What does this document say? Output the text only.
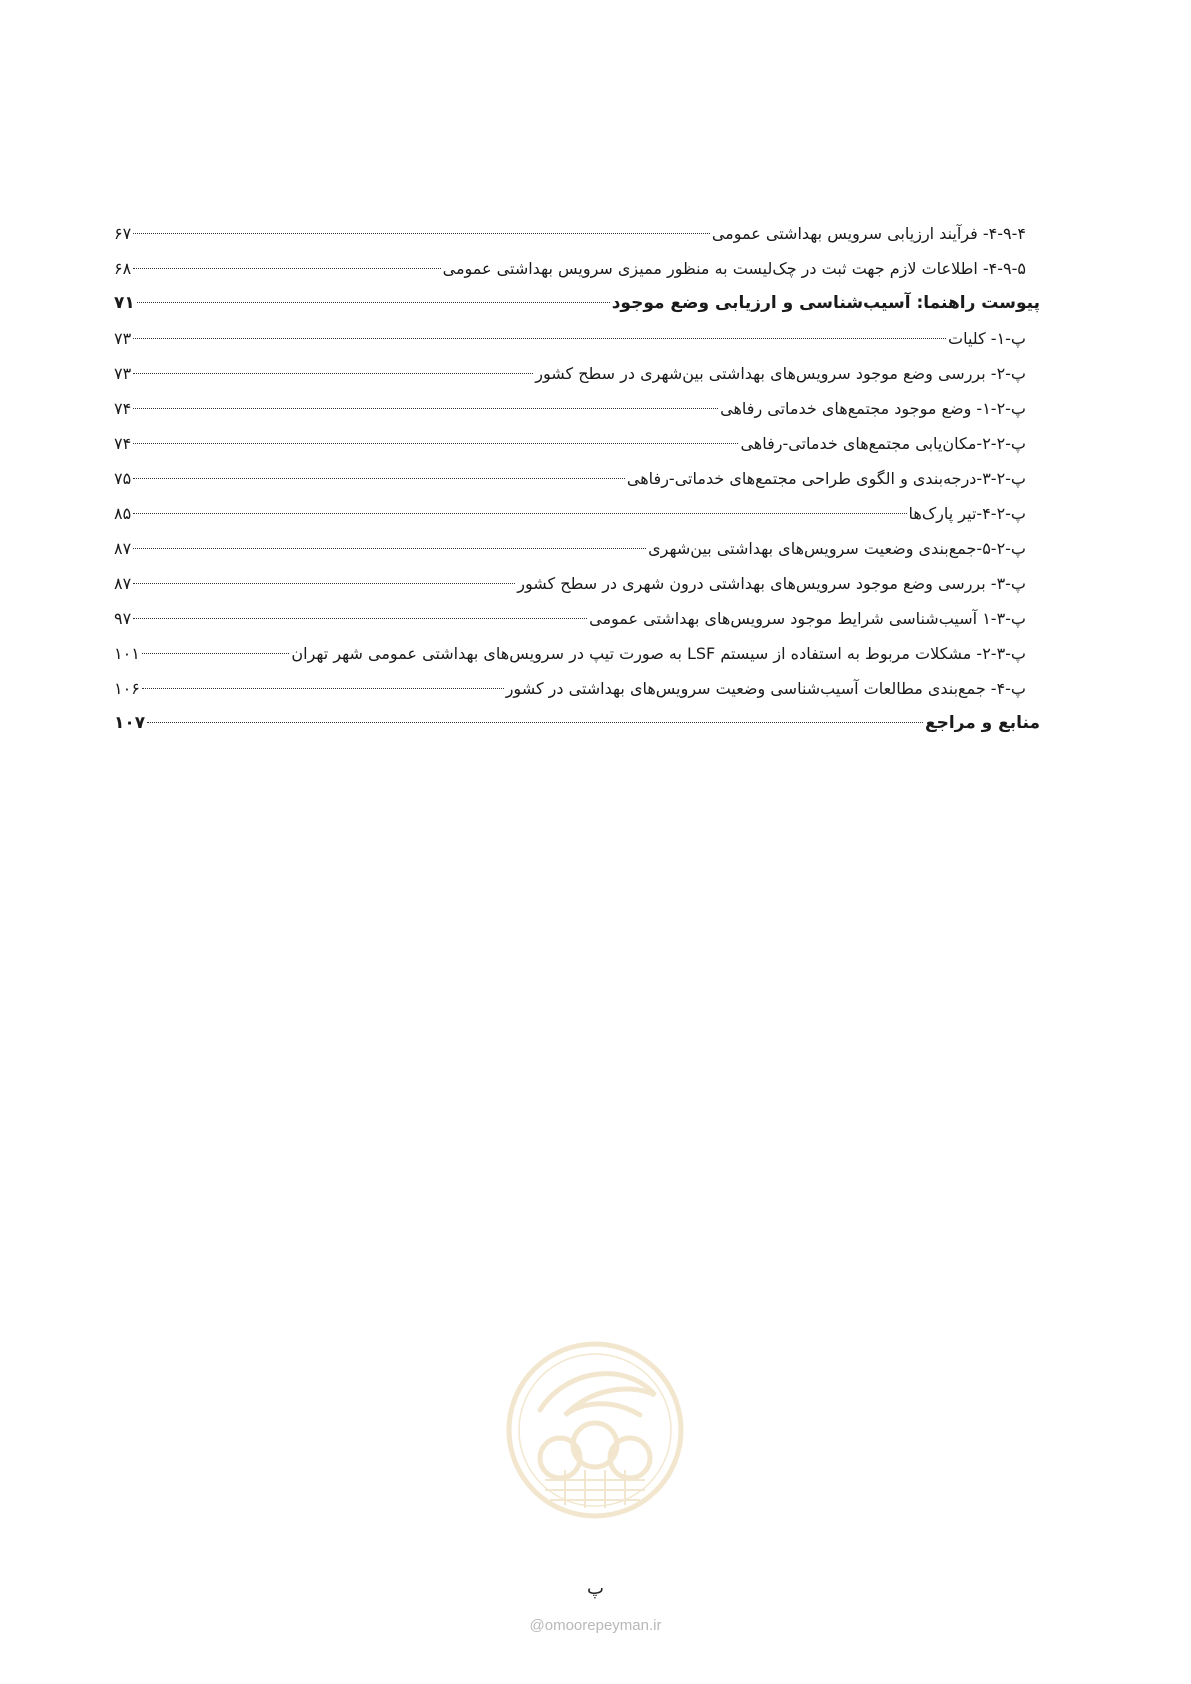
۴-۹-۴- فرآیند ارزیابی سرویس بهداشتی عمومی
۶۷
۴-۹-۵- اطلاعات لازم جهت ثبت در چک‌لیست به منظور ممیزی سرویس بهداشتی عمومی
۶۸
پیوست راهنما: آسیب‌شناسی و ارزیابی وضع موجود
۷۱
پ-۱- کلیات
۷۳
پ-۲- بررسی وضع موجود سرویس‌های بهداشتی بین‌شهری در سطح کشور
۷۳
پ-۲-۱- وضع موجود مجتمع‌های خدماتی رفاهی
۷۴
پ-۲-۲-مکان‌یابی مجتمع‌های خدماتی-رفاهی
۷۴
پ-۲-۳-درجه‌بندی و الگوی طراحی مجتمع‌های خدماتی-رفاهی
۷۵
پ-۲-۴-تیر پارک‌ها
۸۵
پ-۲-۵-جمع‌بندی وضعیت سرویس‌های بهداشتی بین‌شهری
۸۷
پ-۳- بررسی وضع موجود سرویس‌های بهداشتی درون شهری در سطح کشور
۸۷
پ-۳-۱ آسیب‌شناسی شرایط موجود سرویس‌های بهداشتی عمومی
۹۷
پ-۳-۲- مشکلات مربوط به استفاده از سیستم LSF به صورت تیپ در سرویس‌های بهداشتی عمومی شهر تهران
۱۰۱
پ-۴- جمع‌بندی مطالعات آسیب‌شناسی وضعیت سرویس‌های بهداشتی در کشور
۱۰۶
منابع و مراجع
۱۰۷
پ
@omoorepeyman.ir
